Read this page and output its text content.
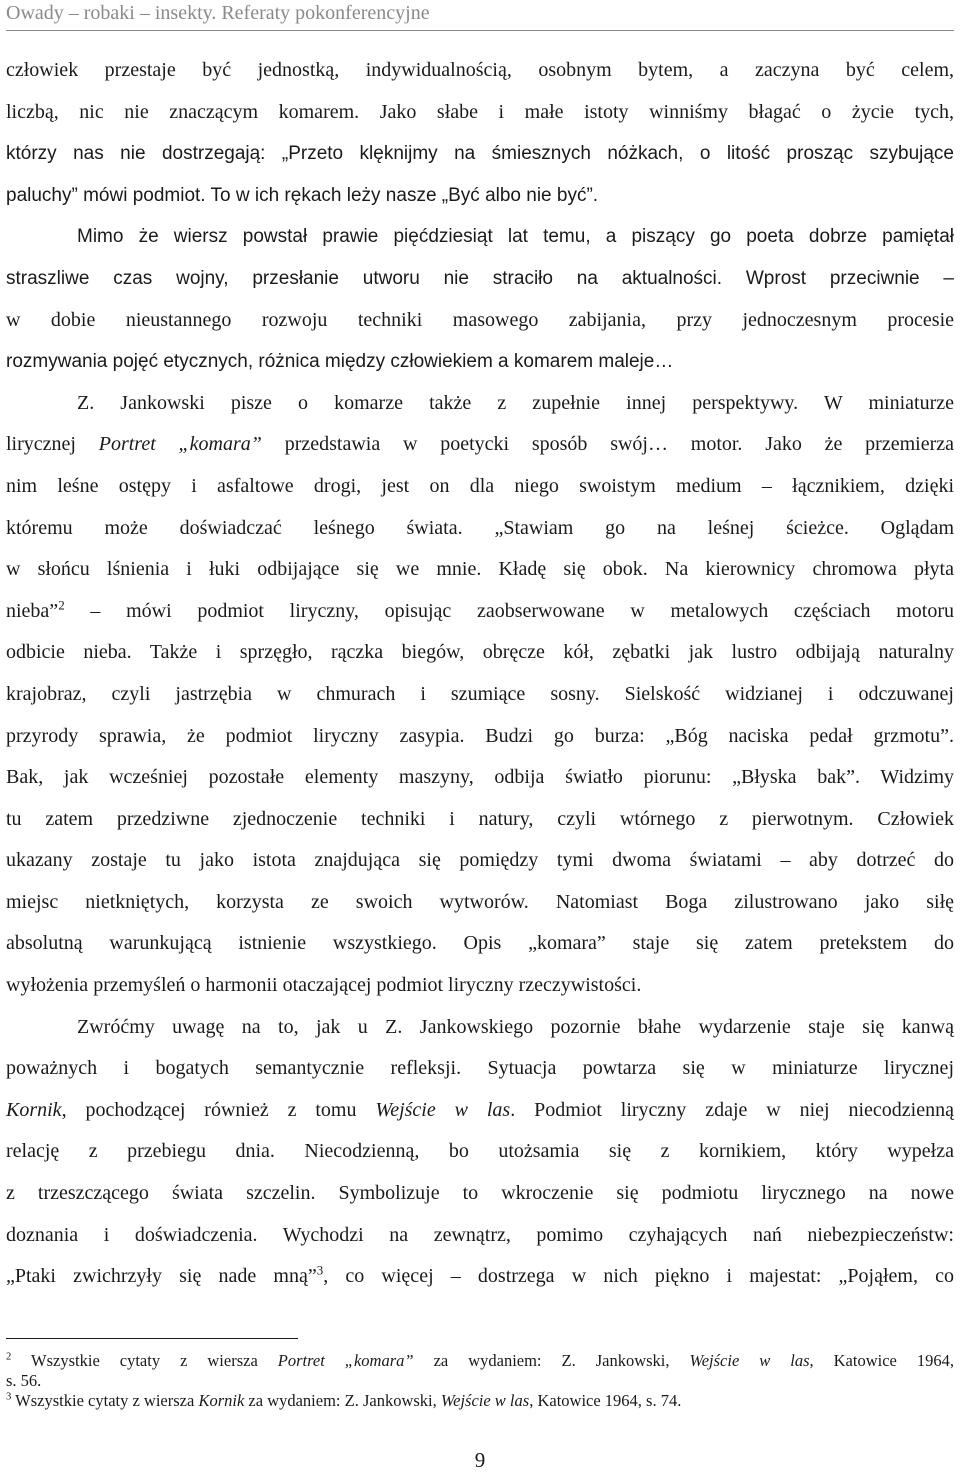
Owady – robaki – insekty. Referaty pokonferencyjne
człowiek przestaje być jednostką, indywidualnością, osobnym bytem, a zaczyna być celem,
liczbą, nic nie znaczącym komarem. Jako słabe i małe istoty winniśmy błagać o życie tych,
którzy nas nie dostrzegają: „Przeto klęknijmy na śmiesznych nóżkach, o litość prosząc szybujące
paluchy” mówi podmiot. To w ich rękach leży nasze „Być albo nie być”.
Mimo że wiersz powstał prawie pięćdziesiąt lat temu, a piszący go poeta dobrze pamiętał
straszliwe czas wojny, przesłanie utworu nie straciło na aktualności. Wprost przeciwnie –
w dobie nieustannego rozwoju techniki masowego zabijania, przy jednoczesnym procesie
rozmywania pojęć etycznych, różnica między człowiekiem a komarem maleje…
Z. Jankowski pisze o komarze także z zupełnie innej perspektywy. W miniaturze
lirycznej Portret „komara” przedstawia w poetycki sposób swój… motor. Jako że przemierza
nim leśne ostępy i asfaltowe drogi, jest on dla niego swoistym medium – łącznikiem, dzięki
któremu może doświadczać leśnego świata. „Stawiam go na leśnej ścieżce. Oglądam
w słońcu lśnienia i łuki odbijające się we mnie. Kładę się obok. Na kierownicy chromowa płyta
nieba”$^2$ – mówi podmiot liryczny, opisując zaobserwowane w metalowych częściach motoru
odbicie nieba. Także i sprzęgło, rączka biegów, obręcze kół, zębatki jak lustro odbijają naturalny
krajobraz, czyli jastrzębia w chmurach i szumiące sosny. Sielskość widzianej i odczuwanej
przyrody sprawia, że podmiot liryczny zasypia. Budzi go burza: „Bóg naciska pedał grzmotu”.
Bak, jak wcześniej pozostałe elementy maszyny, odbija światło piorunu: „Błyska bak”. Widzimy
tu zatem przedziwne zjednoczenie techniki i natury, czyli wtórnego z pierwotnym. Człowiek
ukazany zostaje tu jako istota znajdująca się pomiędzy tymi dwoma światami – aby dotrzeć do
miejsc nietkniętych, korzysta ze swoich wytworów. Natomiast Boga zilustrowano jako siłę
absolutną warunkującą istnienie wszystkiego. Opis „komara” staje się zatem pretekstem do
wyłożenia przemyśleń o harmonii otaczającej podmiot liryczny rzeczywistości.
Zwróćmy uwagę na to, jak u Z. Jankowskiego pozornie błahe wydarzenie staje się kanwą
poważnych i bogatych semantycznie refleksji. Sytuacja powtarza się w miniaturze lirycznej
Kornik, pochodzącej również z tomu Wejście w las. Podmiot liryczny zdaje w niej niecodzienną
relację z przebiegu dnia. Niecodzienną, bo utożsamia się z kornikiem, który wypełza
z trzeszczącego świata szczelin. Symbolizuje to wkroczenie się podmiotu lirycznego na nowe
doznania i doświadczenia. Wychodzi na zewnątrz, pomimo czyhających nań niebezpieczeństw:
„Ptaki zwichrzyły się nade mną”$^3$, co więcej – dostrzega w nich piękno i majestat: „Pojąłem, co
$^2$ Wszystkie cytaty z wiersza Portret „komara” za wydaniem: Z. Jankowski, Wejście w las, Katowice 1964,
s. 56.
$^3$ Wszystkie cytaty z wiersza Kornik za wydaniem: Z. Jankowski, Wejście w las, Katowice 1964, s. 74.
9
